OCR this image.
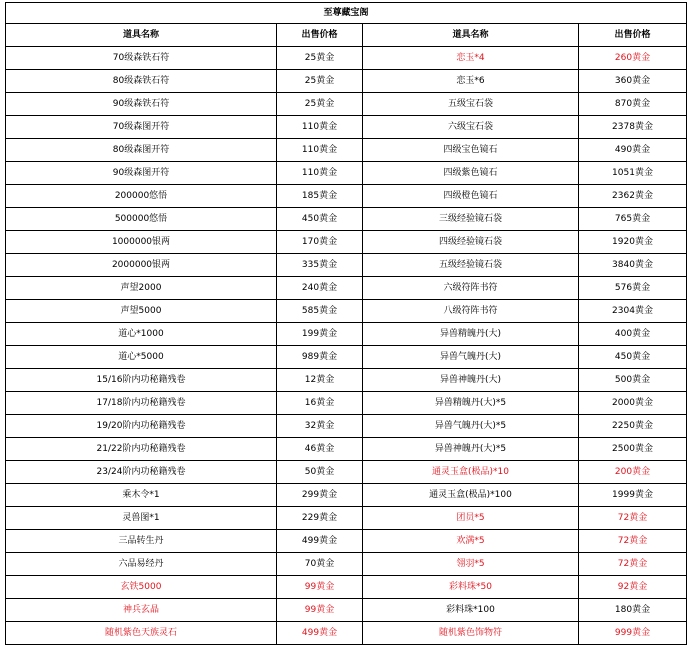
至尊藏宝阁			
道具名称	出售价格	道具名称	出售价格
70级森铁石符	25黄金	恋玉*4	260黄金
80级森铁石符	25黄金	恋玉*6	360黄金
90级森铁石符	25黄金	五级宝石袋	870黄金
70级森图开符	110黄金	六级宝石袋	2378黄金
80级森图开符	110黄金	四级宝色镜石	490黄金
90级森图开符	110黄金	四级紫色镜石	1051黄金
200000悠悟	185黄金	四级橙色镜石	2362黄金
500000悠悟	450黄金	三级经验镜石袋	765黄金
1000000银两	170黄金	四级经验镜石袋	1920黄金
2000000银两	335黄金	五级经验镜石袋	3840黄金
声望2000	240黄金	六级符阵书符	576黄金
声望5000	585黄金	八级符阵书符	2304黄金
道心*1000	199黄金	异兽精魄丹(大)	400黄金
道心*5000	989黄金	异兽气魄丹(大)	450黄金
15/16阶内功秘籍残卷	12黄金	异兽神魄丹(大)	500黄金
17/18阶内功秘籍残卷	16黄金	异兽精魄丹(大)*5	2000黄金
19/20阶内功秘籍残卷	32黄金	异兽气魄丹(大)*5	2250黄金
21/22阶内功秘籍残卷	46黄金	异兽神魄丹(大)*5	2500黄金
23/24阶内功秘籍残卷	50黄金	通灵玉盒(极品)*10	200黄金
乘木令*1	299黄金	通灵玉盒(极品)*100	1999黄金
灵兽图*1	229黄金	团员*5	72黄金
三品转生丹	499黄金	欢满*5	72黄金
六品易经丹	70黄金	翎羽*5	72黄金
玄铁5000	99黄金	彩料珠*50	92黄金
神兵玄晶	99黄金	彩料珠*100	180黄金
随机紫色天族灵石	499黄金	随机紫色饰物符	999黄金
